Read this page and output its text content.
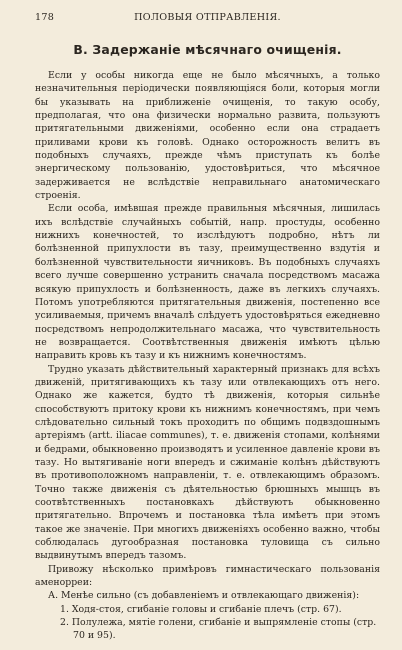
178	ПОЛОВЫЯ ОТПРАВЛЕНІЯ.
В. Задержаніе мѣсячнаго очищенія.

Если у особы никогда еще не было мѣсячныхъ, а только незначительныя періодически появляющіяся боли, которыя могли бы указывать на приближеніе очищенія, то такую особу, предполагая, что она физически нормально развита, пользуютъ притягательными движеніями, особенно если она страдаетъ приливами крови къ головѣ. Однако осторожность велитъ въ подобныхъ случаяхъ, прежде чѣмъ приступать къ болѣе энергическому пользованію, удостовѣриться, что мѣсячное задерживается не вслѣдствіе неправильнаго анатомическаго строенія.

Если особа, имѣвшая прежде правильныя мѣсячныя, лишилась ихъ вслѣдствіе случайныхъ событій, напр. простуды, особенно нижнихъ конечностей, то изслѣдуютъ подробно, нѣтъ ли болѣзненной припухлости въ тазу, преимущественно вздутія и болѣзненной чувствительности яичниковъ. Въ подобныхъ случаяхъ всего лучше совершенно устранить сначала посредствомъ масажа всякую припухлость и болѣзненность, даже въ легкихъ случаяхъ. Потомъ употребляются притягательныя движенія, постепенно все усиливаемыя, причемъ вначалѣ слѣдуетъ удостовѣряться ежедневно посредствомъ непродолжительнаго масажа, что чувствительность не возвращается. Соотвѣтственныя движенія имѣютъ цѣлью направить кровь къ тазу и къ нижнимъ конечностямъ.

Трудно указать дѣйствительный характерный признакъ для всѣхъ движеній, притягивающихъ къ тазу или отвлекающихъ отъ него. Однако же кажется, будто тѣ движенія, которыя сильнѣе способствуютъ притоку крови къ нижнимъ конечностямъ, при чемъ слѣдовательно сильный токъ проходитъ по общимъ подвздошнымъ артеріямъ (artt. iliacae communes), т. е. движенія стопами, колѣнями и бедрами, обыкновенно производятъ и усиленное давленіе крови въ тазу. Но вытягиваніе ноги впередъ и сжиманіе колѣнъ дѣйствуютъ въ противоположномъ направленіи, т. е. отвлекающимъ образомъ. Точно также движенія съ дѣятельностью брюшныхъ мышцъ въ соотвѣтственныхъ постановкахъ дѣйствуютъ обыкновенно притягательно. Впрочемъ и постановка тѣла имѣетъ при этомъ такое же значеніе. При многихъ движеніяхъ особенно важно, чтобы соблюдалась дугообразная постановка туловища съ сильно выдвинутымъ впередъ тазомъ.

Привожу нѣсколько примѣровъ гимнастическаго пользованія аменорреи:

А. Менѣе сильно (съ добавленіемъ и отвлекающаго движенія):
1. Ходя-стоя, сгибаніе головы и сгибаніе плечъ (стр. 67).
2. Полулежа, мятіе голени, сгибаніе и выпрямленіе стопы (стр. 70 и 95).
